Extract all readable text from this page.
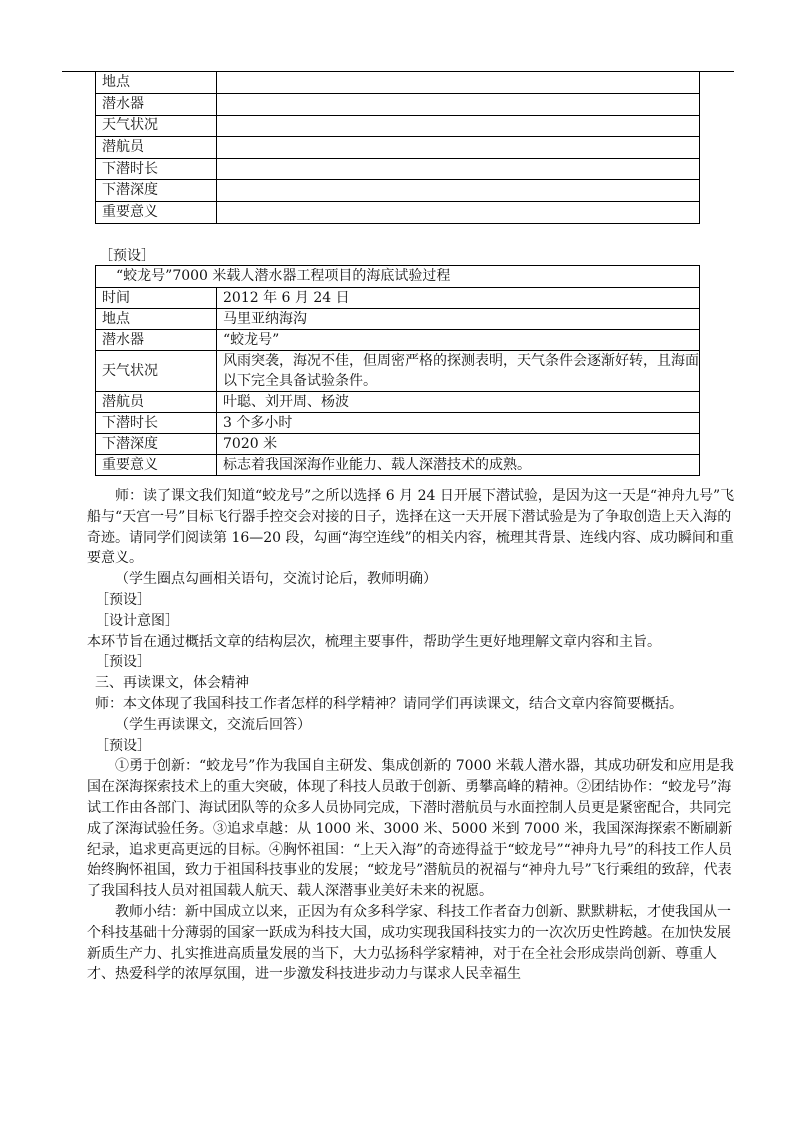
地点	
潜水器	
天气状况	
潜航员	
下潜时长	
下潜深度	
重要意义	
［预设］
“蛟龙号”7000 米载人潜水器工程项目的海底试验过程	
时间	2012 年 6 月 24 日
地点	马里亚纳海沟
潜水器	“蛟龙号”
天气状况	风雨突袭，海况不佳，但周密严格的探测表明，天气条件会逐渐好转，且海面以下完全具备试验条件。
潜航员	叶聪、刘开周、杨波
下潜时长	3 个多小时
下潜深度	7020 米
重要意义	标志着我国深海作业能力、载人深潜技术的成熟。

师：读了课文我们知道“蛟龙号”之所以选择 6 月 24 日开展下潜试验，是因为这一天是“神舟九号”飞船与“天宫一号”目标飞行器手控交会对接的日子，选择在这一天开展下潜试验是为了争取创造上天入海的奇迹。请同学们阅读第 16—20 段，勾画“海空连线”的相关内容，梳理其背景、连线内容、成功瞬间和重要意义。

（学生圈点勾画相关语句，交流讨论后，教师明确）

［预设］

［设计意图］

本环节旨在通过概括文章的结构层次，梳理主要事件，帮助学生更好地理解文章内容和主旨。

［预设］

三、再读课文，体会精神

师：本文体现了我国科技工作者怎样的科学精神？请同学们再读课文，结合文章内容简要概括。

（学生再读课文，交流后回答）

［预设］

①勇于创新：“蛟龙号”作为我国自主研发、集成创新的 7000 米载人潜水器，其成功研发和应用是我国在深海探索技术上的重大突破，体现了科技人员敢于创新、勇攀高峰的精神。②团结协作：“蛟龙号”海试工作由各部门、海试团队等的众多人员协同完成，下潜时潜航员与水面控制人员更是紧密配合，共同完成了深海试验任务。③追求卓越：从 1000 米、3000 米、5000 米到 7000 米，我国深海探索不断刷新纪录，追求更高更远的目标。④胸怀祖国：“上天入海”的奇迹得益于“蛟龙号”“神舟九号”的科技工作人员始终胸怀祖国，致力于祖国科技事业的发展；“蛟龙号”潜航员的祝福与“神舟九号”飞行乘组的致辞，代表了我国科技人员对祖国载人航天、载人深潜事业美好未来的祝愿。

教师小结：新中国成立以来，正因为有众多科学家、科技工作者奋力创新、默默耕耘，才使我国从一个科技基础十分薄弱的国家一跃成为科技大国，成功实现我国科技实力的一次次历史性跨越。在加快发展新质生产力、扎实推进高质量发展的当下，大力弘扬科学家精神，对于在全社会形成崇尚创新、尊重人才、热爱科学的浓厚氛围，进一步激发科技进步动力与谋求人民幸福生
